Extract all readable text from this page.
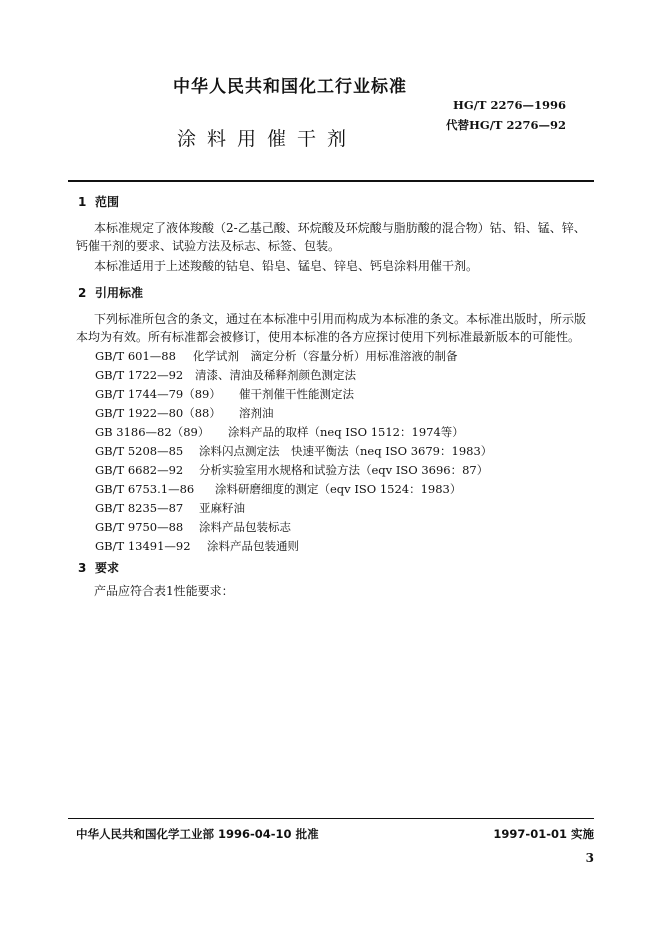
中华人民共和国化工行业标准
HG/T 2276—1996
代替HG/T 2276—92
涂料用催干剂
1 范围
本标准规定了液体羧酸（2-乙基己酸、环烷酸及环烷酸与脂肪酸的混合物）钴、铅、锰、锌、钙催干剂的要求、试验方法及标志、标签、包装。
本标准适用于上述羧酸的钴皂、铅皂、锰皂、锌皂、钙皂涂料用催干剂。
2 引用标准
下列标准所包含的条文，通过在本标准中引用而构成为本标准的条文。本标准出版时，所示版本均为有效。所有标准都会被修订，使用本标准的各方应探讨使用下列标准最新版本的可能性。
GB/T 601—88 化学试剂　滴定分析（容量分析）用标准溶液的制备
GB/T 1722—92 清漆、清油及稀释剂颜色测定法
GB/T 1744—79（89） 催干剂催干性能测定法
GB/T 1922—80（88） 溶剂油
GB 3186—82（89） 涂料产品的取样（neq ISO 1512：1974等）
GB/T 5208—85 涂料闪点测定法　快速平衡法（neq ISO 3679：1983）
GB/T 6682—92 分析实验室用水规格和试验方法（eqv ISO 3696：87）
GB/T 6753.1—86 涂料研磨细度的测定（eqv ISO 1524：1983）
GB/T 8235—87 亚麻籽油
GB/T 9750—88 涂料产品包装标志
GB/T 13491—92 涂料产品包装通则
3 要求
产品应符合表1性能要求：
中华人民共和国化学工业部 1996-04-10 批准	1997-01-01 实施
3
